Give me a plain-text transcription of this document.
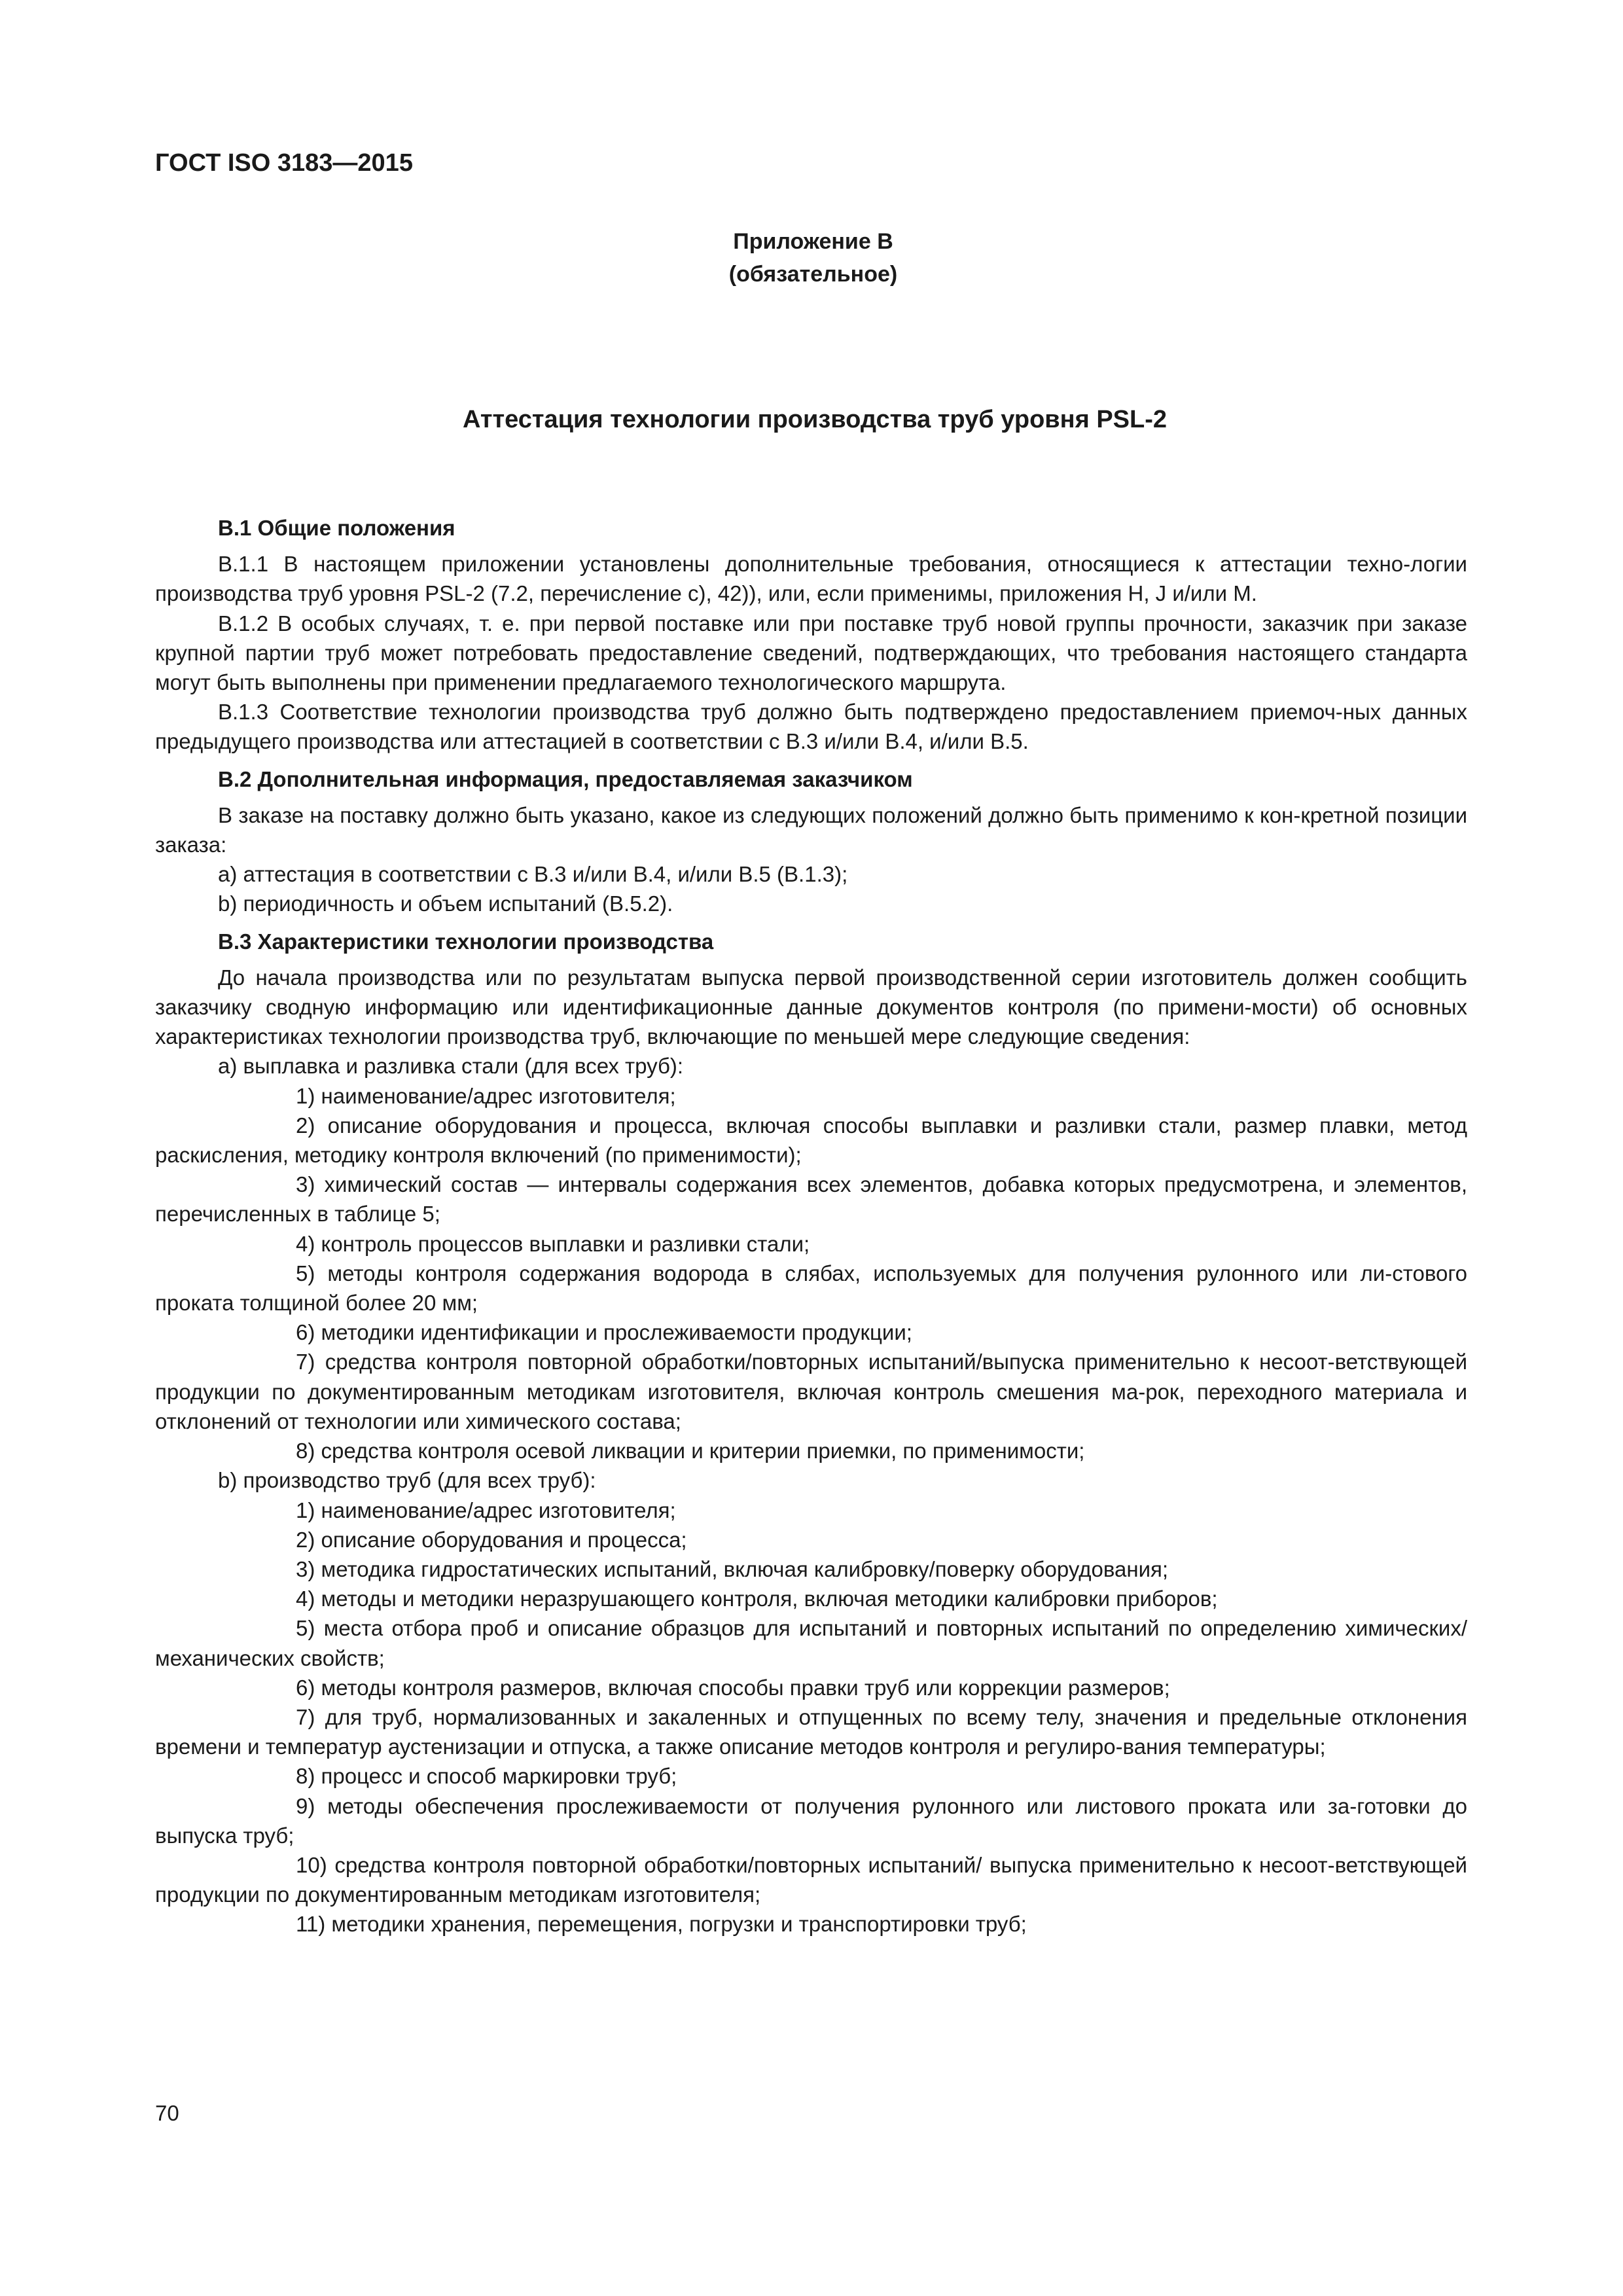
ГОСТ ISO 3183—2015
Приложение В
(обязательное)
Аттестация технологии производства труб уровня PSL-2

В.1 Общие положения

В.1.1 В настоящем приложении установлены дополнительные требования, относящиеся к аттестации техно-логии производства труб уровня PSL-2 (7.2, перечисление с), 42)), или, если применимы, приложения Н, J и/или М.

В.1.2 В особых случаях, т. е. при первой поставке или при поставке труб новой группы прочности, заказчик при заказе крупной партии труб может потребовать предоставление сведений, подтверждающих, что требования настоящего стандарта могут быть выполнены при применении предлагаемого технологического маршрута.

В.1.3 Соответствие технологии производства труб должно быть подтверждено предоставлением приемоч-ных данных предыдущего производства или аттестацией в соответствии с В.3 и/или В.4, и/или В.5.

В.2 Дополнительная информация, предоставляемая заказчиком

В заказе на поставку должно быть указано, какое из следующих положений должно быть применимо к кон-кретной позиции заказа:

а) аттестация в соответствии с В.3 и/или В.4, и/или В.5 (В.1.3);

b) периодичность и объем испытаний (В.5.2).

В.3 Характеристики технологии производства

До начала производства или по результатам выпуска первой производственной серии изготовитель должен сообщить заказчику сводную информацию или идентификационные данные документов контроля (по примени-мости) об основных характеристиках технологии производства труб, включающие по меньшей мере следующие сведения:

а) выплавка и разливка стали (для всех труб):

1) наименование/адрес изготовителя;

2) описание оборудования и процесса, включая способы выплавки и разливки стали, размер плавки, метод раскисления, методику контроля включений (по применимости);

3) химический состав — интервалы содержания всех элементов, добавка которых предусмотрена, и элементов, перечисленных в таблице 5;

4) контроль процессов выплавки и разливки стали;

5) методы контроля содержания водорода в слябах, используемых для получения рулонного или ли-стового проката толщиной более 20 мм;

6) методики идентификации и прослеживаемости продукции;

7) средства контроля повторной обработки/повторных испытаний/выпуска применительно к несоот-ветствующей продукции по документированным методикам изготовителя, включая контроль смешения ма-рок, переходного материала и отклонений от технологии или химического состава;

8) средства контроля осевой ликвации и критерии приемки, по применимости;

b) производство труб (для всех труб):

1) наименование/адрес изготовителя;

2) описание оборудования и процесса;

3) методика гидростатических испытаний, включая калибровку/поверку оборудования;

4) методы и методики неразрушающего контроля, включая методики калибровки приборов;

5) места отбора проб и описание образцов для испытаний и повторных испытаний по определению химических/механических свойств;

6) методы контроля размеров, включая способы правки труб или коррекции размеров;

7) для труб, нормализованных и закаленных и отпущенных по всему телу, значения и предельные отклонения времени и температур аустенизации и отпуска, а также описание методов контроля и регулиро-вания температуры;

8) процесс и способ маркировки труб;

9) методы обеспечения прослеживаемости от получения рулонного или листового проката или за-готовки до выпуска труб;

10) средства контроля повторной обработки/повторных испытаний/ выпуска применительно к несоот-ветствующей продукции по документированным методикам изготовителя;

11) методики хранения, перемещения, погрузки и транспортировки труб;

70
